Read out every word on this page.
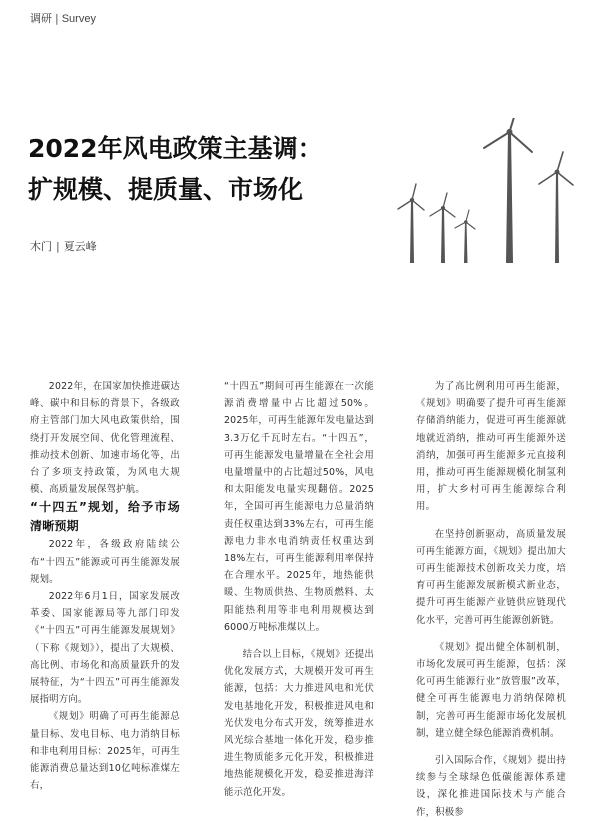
调研 | Survey
2022年风电政策主基调：
扩规模、提质量、市场化
木门 | 夏云峰

2022年，在国家加快推进碳达峰、碳中和目标的背景下，各级政府主管部门加大风电政策供给，围绕打开发展空间、优化管理流程、推动技术创新、加速市场化等，出台了多项支持政策，为风电大规模、高质量发展保驾护航。

“十四五”规划，给予市场清晰预期

2022年，各级政府陆续公布“十四五”能源或可再生能源发展规划。

2022年6月1日，国家发展改革委、国家能源局等九部门印发《“十四五”可再生能源发展规划》（下称《规划》），提出了大规模、高比例、市场化和高质量跃升的发展特征，为“十四五”可再生能源发展指明方向。

《规划》明确了可再生能源总量目标、发电目标、电力消纳目标和非电利用目标：2025年，可再生能源消费总量达到10亿吨标准煤左右，

“十四五”期间可再生能源在一次能源消费增量中占比超过50%。2025年，可再生能源年发电量达到3.3万亿千瓦时左右。“十四五”，可再生能源发电量增量在全社会用电量增量中的占比超过50%，风电和太阳能发电量实现翻倍。2025年，全国可再生能源电力总量消纳责任权重达到33%左右，可再生能源电力非水电消纳责任权重达到18%左右，可再生能源利用率保持在合理水平。2025年，地热能供暖、生物质供热、生物质燃料、太阳能热利用等非电利用规模达到6000万吨标准煤以上。

结合以上目标，《规划》还提出优化发展方式，大规模开发可再生能源，包括：大力推进风电和光伏发电基地化开发，积极推进风电和光伏发电分布式开发，统筹推进水风光综合基地一体化开发，稳步推进生物质能多元化开发，积极推进地热能规模化开发，稳妥推进海洋能示范化开发。

为了高比例利用可再生能源，《规划》明确要了提升可再生能源存储消纳能力，促进可再生能源就地就近消纳，推动可再生能源外送消纳，加强可再生能源多元直接利用，推动可再生能源规模化制氢利用，扩大乡村可再生能源综合利用。

在坚持创新驱动，高质量发展可再生能源方面，《规划》提出加大可再生能源技术创新攻关力度，培育可再生能源发展新模式新业态，提升可再生能源产业链供应链现代化水平，完善可再生能源创新链。

《规划》提出健全体制机制，市场化发展可再生能源，包括：深化可再生能源行业“放管服”改革，健全可再生能源电力消纳保障机制，完善可再生能源市场化发展机制，建立健全绿色能源消费机制。

引入国际合作，《规划》提出持续参与全球绿色低碳能源体系建设，深化推进国际技术与产能合作，积极参
